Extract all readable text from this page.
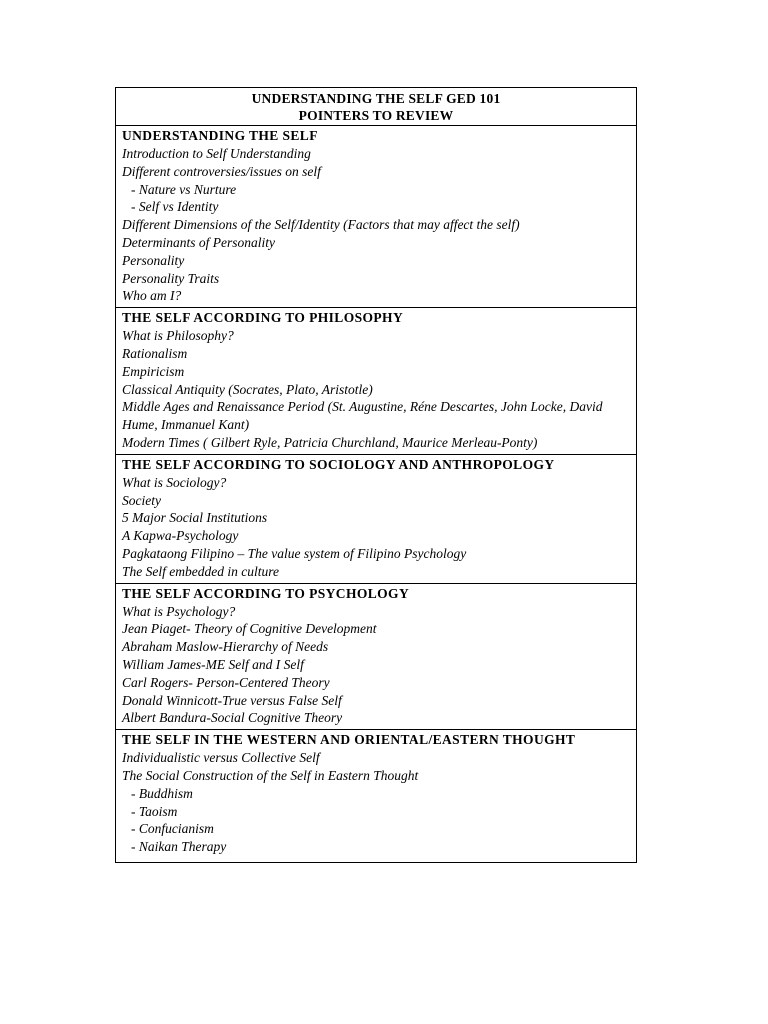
UNDERSTANDING THE SELF GED 101
POINTERS TO REVIEW
UNDERSTANDING THE SELF
Introduction to Self Understanding
Different controversies/issues on self
- Nature vs Nurture
- Self vs Identity
Different Dimensions of the Self/Identity (Factors that may affect the self)
Determinants of Personality
Personality
Personality Traits
Who am I?
THE SELF ACCORDING TO PHILOSOPHY
What is Philosophy?
Rationalism
Empiricism
Classical Antiquity (Socrates, Plato, Aristotle)
Middle Ages and Renaissance Period (St. Augustine, Réne Descartes, John Locke, David Hume, Immanuel Kant)
Modern Times ( Gilbert Ryle, Patricia Churchland, Maurice Merleau-Ponty)
THE SELF ACCORDING TO SOCIOLOGY AND ANTHROPOLOGY
What is Sociology?
Society
5 Major Social Institutions
A Kapwa-Psychology
Pagkataong Filipino – The value system of Filipino Psychology
The Self embedded in culture
THE SELF ACCORDING TO PSYCHOLOGY
What is Psychology?
Jean Piaget- Theory of Cognitive Development
Abraham Maslow-Hierarchy of Needs
William James-ME Self and I Self
Carl Rogers- Person-Centered Theory
Donald Winnicott-True versus False Self
Albert Bandura-Social Cognitive Theory
THE SELF IN THE WESTERN AND ORIENTAL/EASTERN THOUGHT
Individualistic versus Collective Self
The Social Construction of the Self in Eastern Thought
- Buddhism
- Taoism
- Confucianism
- Naikan Therapy
